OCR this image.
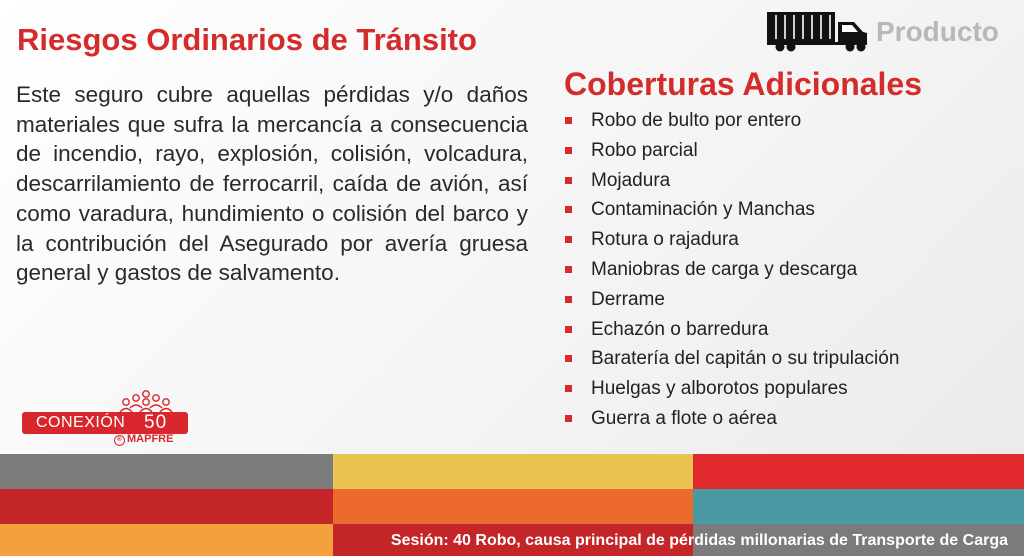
Riesgos Ordinarios de Tránsito	Producto

Este seguro cubre aquellas pérdidas y/o daños materiales que sufra la mercancía a consecuencia de incendio, rayo, explosión, colisión, volcadura, descarrilamiento de ferrocarril, caída de avión, así como varadura, hundimiento o colisión del barco y la contribución del Asegurado por avería gruesa general y gastos de salvamento.

Coberturas Adicionales
Robo de bulto por entero
Robo parcial
Mojadura
Contaminación y Manchas
Rotura o rajadura
Maniobras de carga y descarga
Derrame
Echazón o barredura
Baratería del capitán o su tripulación
Huelgas y alborotos populares
Guerra a flote o aérea
CONEXIÓN 50
® MAPFRE
Sesión: 40 Robo, causa principal de pérdidas millonarias de Transporte de Carga
